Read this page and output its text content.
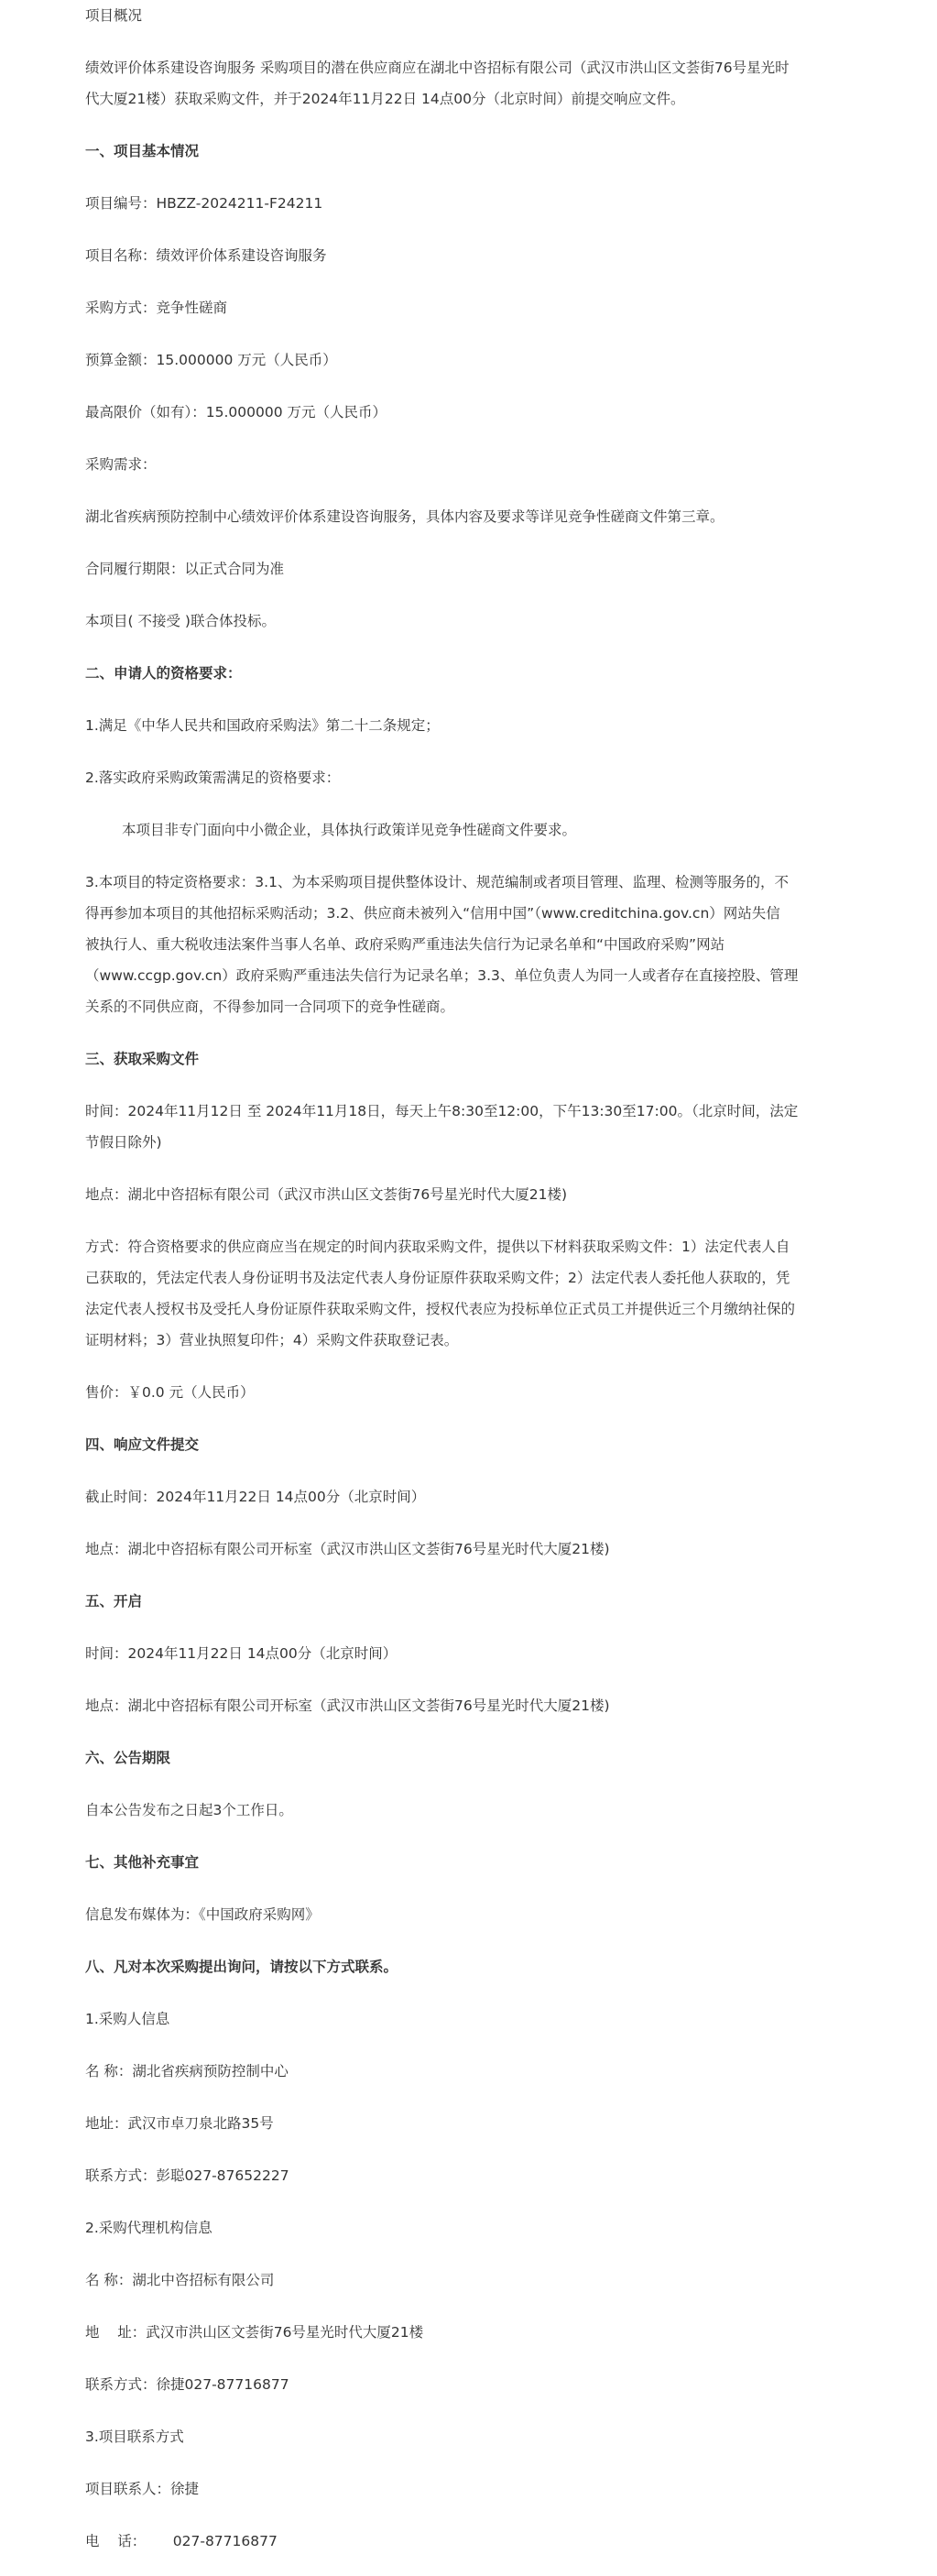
项目概况

绩效评价体系建设咨询服务 采购项目的潜在供应商应在湖北中咨招标有限公司（武汉市洪山区文荟街76号星光时

代大厦21楼）获取采购文件，并于2024年11月22日 14点00分（北京时间）前提交响应文件。

一、项目基本情况

项目编号：HBZZ-2024211-F24211

项目名称：绩效评价体系建设咨询服务

采购方式：竞争性磋商

预算金额：15.000000 万元（人民币）

最高限价（如有）：15.000000 万元（人民币）

采购需求：

湖北省疾病预防控制中心绩效评价体系建设咨询服务，具体内容及要求等详见竞争性磋商文件第三章。

合同履行期限：以正式合同为准

本项目( 不接受 )联合体投标。

二、申请人的资格要求：

1.满足《中华人民共和国政府采购法》第二十二条规定；

2.落实政府采购政策需满足的资格要求：

本项目非专门面向中小微企业，具体执行政策详见竞争性磋商文件要求。

3.本项目的特定资格要求：3.1、为本采购项目提供整体设计、规范编制或者项目管理、监理、检测等服务的，不

得再参加本项目的其他招标采购活动；3.2、供应商未被列入“信用中国”（www.creditchina.gov.cn）网站失信

被执行人、重大税收违法案件当事人名单、政府采购严重违法失信行为记录名单和“中国政府采购”网站

（www.ccgp.gov.cn）政府采购严重违法失信行为记录名单；3.3、单位负责人为同一人或者存在直接控股、管理

关系的不同供应商，不得参加同一合同项下的竞争性磋商。

三、获取采购文件

时间：2024年11月12日 至 2024年11月18日，每天上午8:30至12:00，下午13:30至17:00。（北京时间，法定

节假日除外)

地点：湖北中咨招标有限公司（武汉市洪山区文荟街76号星光时代大厦21楼)

方式：符合资格要求的供应商应当在规定的时间内获取采购文件，提供以下材料获取采购文件：1）法定代表人自

己获取的，凭法定代表人身份证明书及法定代表人身份证原件获取采购文件；2）法定代表人委托他人获取的，凭

法定代表人授权书及受托人身份证原件获取采购文件，授权代表应为投标单位正式员工并提供近三个月缴纳社保的

证明材料；3）营业执照复印件；4）采购文件获取登记表。

售价：￥0.0 元（人民币）

四、响应文件提交

截止时间：2024年11月22日 14点00分（北京时间）

地点：湖北中咨招标有限公司开标室（武汉市洪山区文荟街76号星光时代大厦21楼)

五、开启

时间：2024年11月22日 14点00分（北京时间）

地点：湖北中咨招标有限公司开标室（武汉市洪山区文荟街76号星光时代大厦21楼)

六、公告期限

自本公告发布之日起3个工作日。

七、其他补充事宜

信息发布媒体为：《中国政府采购网》

八、凡对本次采购提出询问，请按以下方式联系。

1.采购人信息

名 称：湖北省疾病预防控制中心

地址：武汉市卓刀泉北路35号

联系方式：彭聪027-87652227

2.采购代理机构信息

名 称：湖北中咨招标有限公司

地    址：武汉市洪山区文荟街76号星光时代大厦21楼

联系方式：徐捷027-87716877

3.项目联系方式

项目联系人：徐捷

电    话：      027-87716877
